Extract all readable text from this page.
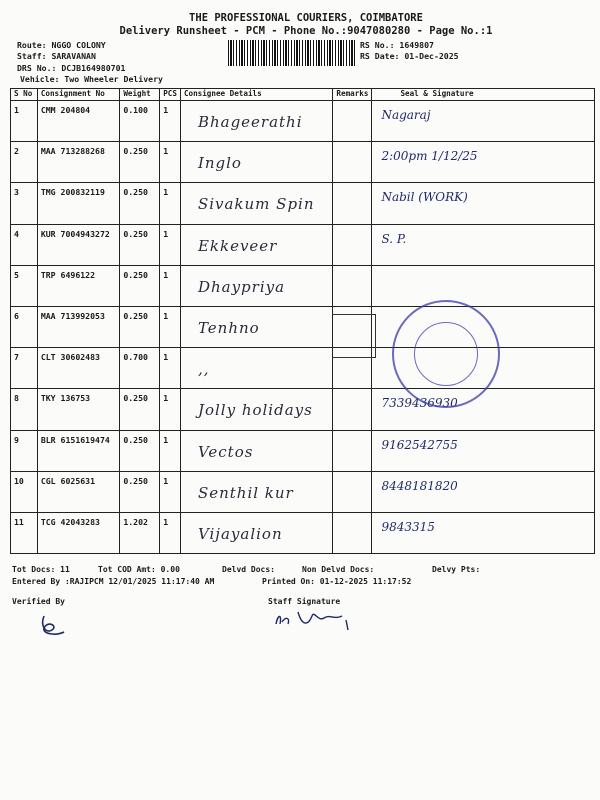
THE PROFESSIONAL COURIERS, COIMBATORE
Delivery Runsheet - PCM - Phone No.:9047080280 - Page No.:1
Route: NGGO COLONY
Staff: SARAVANAN
DRS No.: DCJB164980701
Vehicle: Two Wheeler Delivery
RS No.: 1649807
RS Date: 01-Dec-2025
S No	Consignment No	Weight	PCS	Consignee Details	Remarks	Seal & Signature
1	CMM 204804	0.100	1	Bhageerathi		Nagaraj
2	MAA 713288268	0.250	1	Inglo		2:00pm 1/12/25
3	TMG 200832119	0.250	1	Sivakum Spin		Nabil (WORK)
4	KUR 7004943272	0.250	1	Ekkeveer		S. P.
5	TRP 6496122	0.250	1	Dhaypriya		
6	MAA 713992053	0.250	1	Tenhno		
7	CLT 30602483	0.700	1	,,		
8	TKY 136753	0.250	1	Jolly holidays		7339436930
9	BLR 6151619474	0.250	1	Vectos		9162542755
10	CGL 6025631	0.250	1	Senthil kur		8448181820
11	TCG 42043283	1.202	1	Vijayalion		9843315
Tot Docs: 11	Tot COD Amt: 0.00	Delvd Docs:	Non Delvd Docs:	Delvy Pts:
Entered By :RAJIPCM 12/01/2025 11:17:40 AM	Printed On: 01-12-2025 11:17:52
Verified By	Staff Signature
